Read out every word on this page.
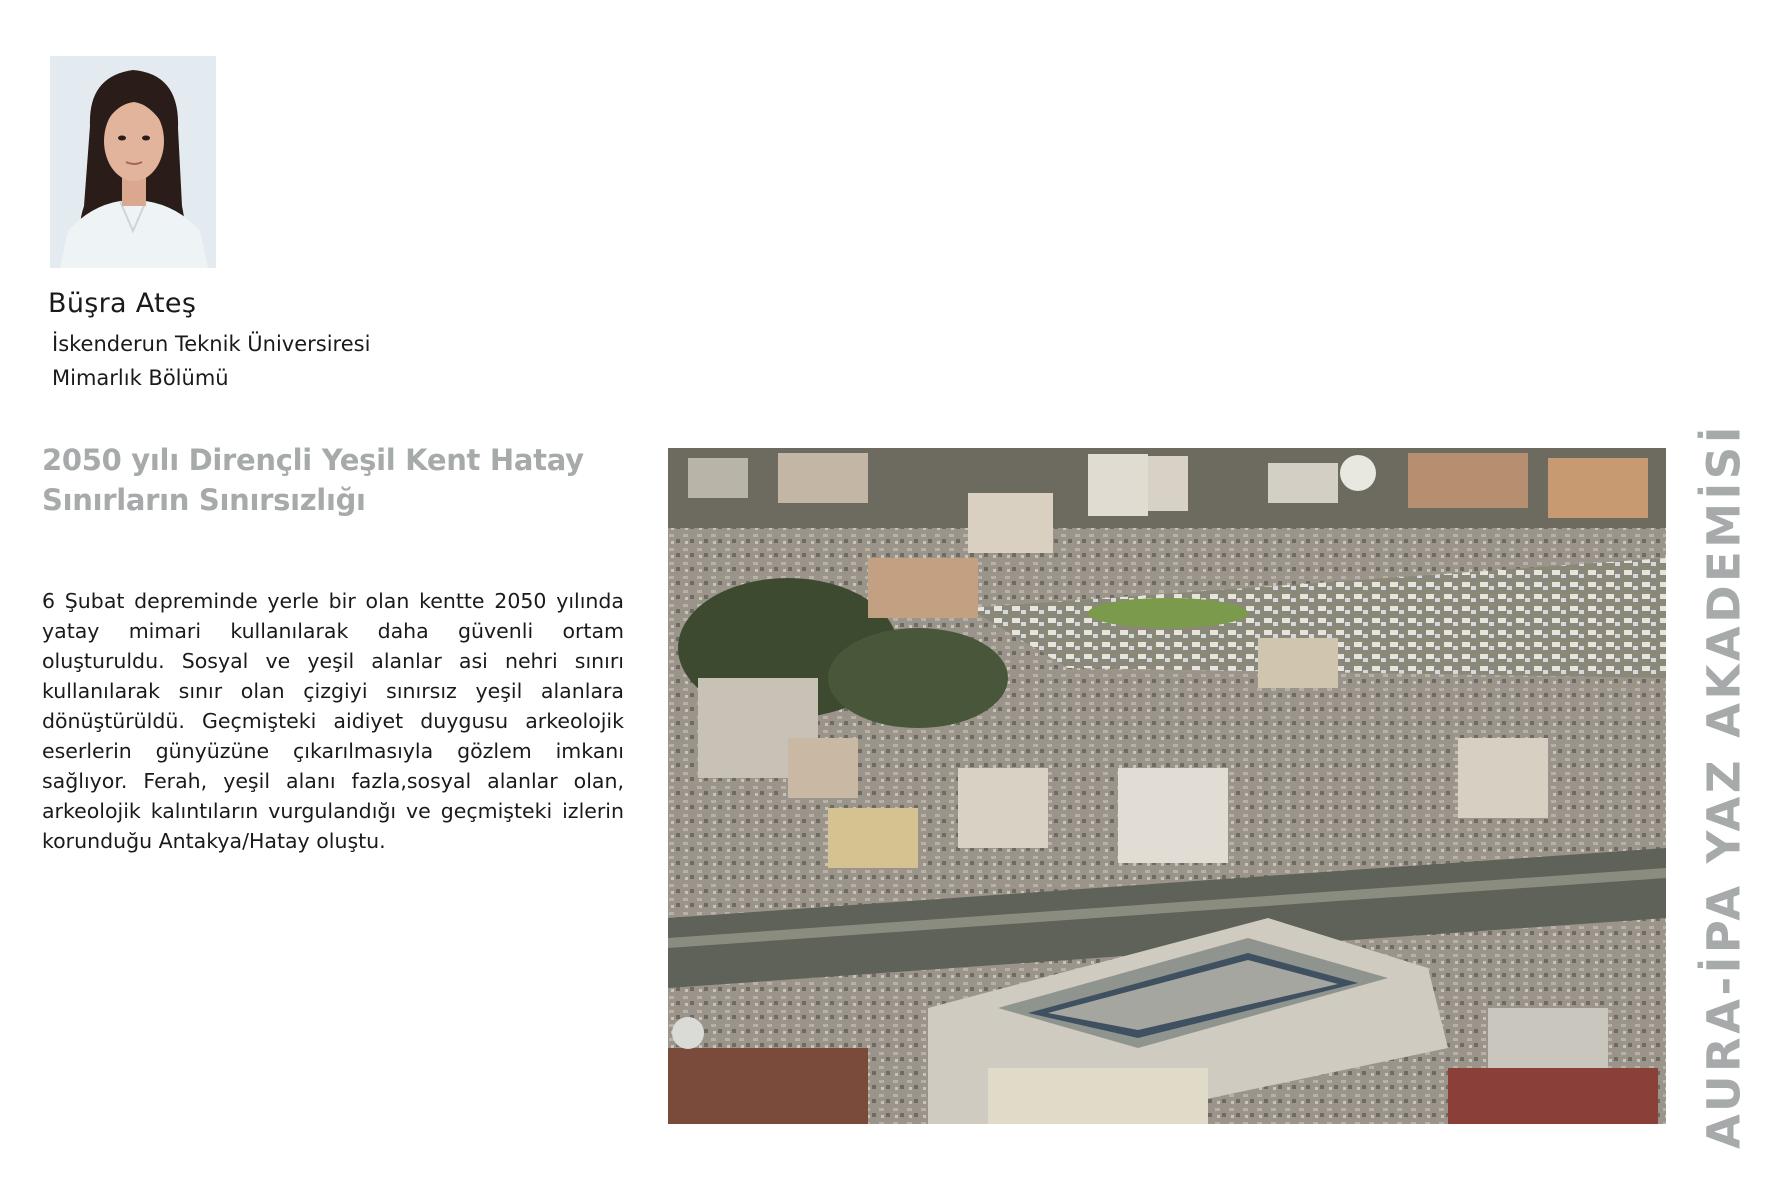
Büşra Ateş
İskenderun Teknik Üniversiresi
Mimarlık Bölümü
2050 yılı Dirençli Yeşil Kent Hatay
Sınırların Sınırsızlığı
6 Şubat depreminde yerle bir olan kentte 2050 yılında yatay mimari kullanılarak daha güvenli ortam oluşturuldu. Sosyal ve yeşil alanlar asi nehri sınırı kullanılarak sınır olan çizgiyi sınırsız yeşil alanlara dönüştürüldü. Geçmişteki aidiyet duygusu arkeolojik eserlerin günyüzüne çıkarılmasıyla gözlem imkanı sağlıyor. Ferah, yeşil alanı fazla,sosyal alanlar olan, arkeolojik kalıntıların vurgulandığı ve geçmişteki izlerin korunduğu Antakya/Hatay oluştu.	AURA-İPA YAZ AKADEMİSİ
